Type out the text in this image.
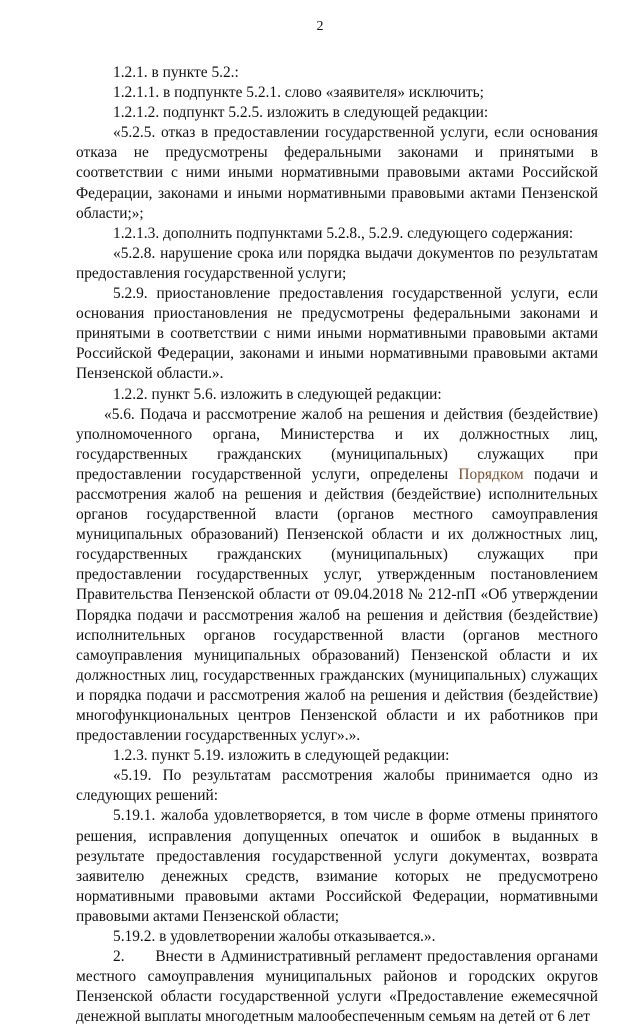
2

1.2.1. в пункте 5.2.:

1.2.1.1. в подпункте 5.2.1. слово «заявителя» исключить;

1.2.1.2. подпункт 5.2.5. изложить в следующей редакции:

«5.2.5. отказ в предоставлении государственной услуги, если основания отказа не предусмотрены федеральными законами и принятыми в соответствии с ними иными нормативными правовыми актами Российской Федерации, законами и иными нормативными правовыми актами Пензенской области;»;

1.2.1.3. дополнить подпунктами 5.2.8., 5.2.9. следующего содержания:

«5.2.8. нарушение срока или порядка выдачи документов по результатам предоставления государственной услуги;

5.2.9. приостановление предоставления государственной услуги, если основания приостановления не предусмотрены федеральными законами и принятыми в соответствии с ними иными нормативными правовыми актами Российской Федерации, законами и иными нормативными правовыми актами Пензенской области.».

1.2.2. пункт 5.6. изложить в следующей редакции:

«5.6. Подача и рассмотрение жалоб на решения и действия (бездействие) уполномоченного органа, Министерства и их должностных лиц, государственных гражданских (муниципальных) служащих при предоставлении государственной услуги, определены Порядком подачи и рассмотрения жалоб на решения и действия (бездействие) исполнительных органов государственной власти (органов местного самоуправления муниципальных образований) Пензенской области и их должностных лиц, государственных гражданских (муниципальных) служащих при предоставлении государственных услуг, утвержденным постановлением Правительства Пензенской области от 09.04.2018 № 212-пП «Об утверждении Порядка подачи и рассмотрения жалоб на решения и действия (бездействие) исполнительных органов государственной власти (органов местного самоуправления муниципальных образований) Пензенской области и их должностных лиц, государственных гражданских (муниципальных) служащих и порядка подачи и рассмотрения жалоб на решения и действия (бездействие) многофункциональных центров Пензенской области и их работников при предоставлении государственных услуг».».

1.2.3. пункт 5.19. изложить в следующей редакции:

«5.19. По результатам рассмотрения жалобы принимается одно из следующих решений:

5.19.1. жалоба удовлетворяется, в том числе в форме отмены принятого решения, исправления допущенных опечаток и ошибок в выданных в результате предоставления государственной услуги документах, возврата заявителю денежных средств, взимание которых не предусмотрено нормативными правовыми актами Российской Федерации, нормативными правовыми актами Пензенской области;

5.19.2. в удовлетворении жалобы отказывается.».

2.      Внести в Административный регламент предоставления органами местного самоуправления муниципальных районов и городских округов Пензенской области государственной услуги «Предоставление ежемесячной денежной выплаты многодетным малообеспеченным семьям на детей от 6 лет
